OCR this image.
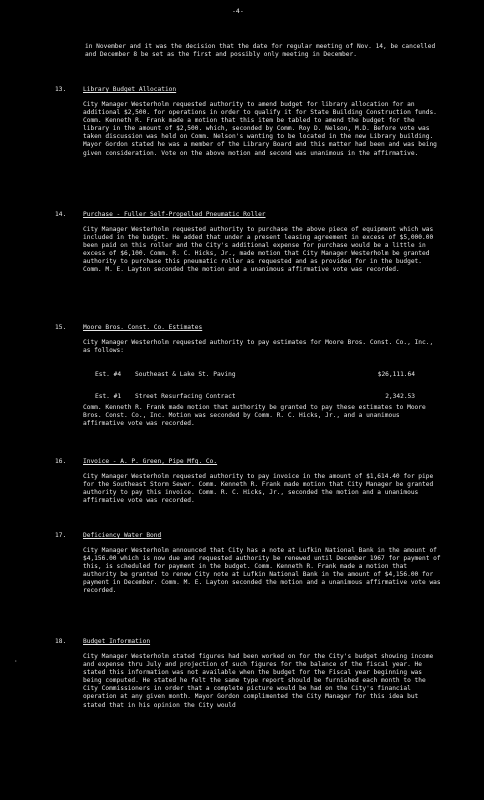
-4-

in November and it was the decision that the date for regular meeting of Nov. 14, be cancelled and December 8 be set as the first and possibly only meeting in December.

13.	Library Budget Allocation

City Manager Westerholm requested authority to amend budget for library allocation for an additional $2,500. for operations in order to qualify it for State Building Construction funds. Comm. Kenneth R. Frank made a motion that this item be tabled to amend the budget for the library in the amount of $2,500. which, seconded by Comm. Roy D. Nelson, M.D. Before vote was taken discussion was held on Comm. Nelson's wanting to be located in the new Library building. Mayor Gordon stated he was a member of the Library Board and this matter had been and was being given consideration. Vote on the above motion and second was unanimous in the affirmative.

14.	Purchase - Fuller Self-Propelled Pneumatic Roller

City Manager Westerholm requested authority to purchase the above piece of equipment which was included in the budget. He added that under a present leasing agreement in excess of $5,000.00 been paid on this roller and the City's additional expense for purchase would be a little in excess of $6,100. Comm. R. C. Hicks, Jr., made motion that City Manager Westerholm be granted authority to purchase this pneumatic roller as requested and as provided for in the budget. Comm. M. E. Layton seconded the motion and a unanimous affirmative vote was recorded.

15.	Moore Bros. Const. Co. Estimates

City Manager Westerholm requested authority to pay estimates for Moore Bros. Const. Co., Inc., as follows:

Est. #4 Southeast & Lake St. Paving	$26,111.64
Est. #1 Street Resurfacing Contract	2,342.53

Comm. Kenneth R. Frank made motion that authority be granted to pay these estimates to Moore Bros. Const. Co., Inc. Motion was seconded by Comm. R. C. Hicks, Jr., and a unanimous affirmative vote was recorded.

16.	Invoice - A. P. Green, Pipe Mfg. Co.

City Manager Westerholm requested authority to pay invoice in the amount of $1,614.40 for pipe for the Southeast Storm Sewer. Comm. Kenneth R. Frank made motion that City Manager be granted authority to pay this invoice. Comm. R. C. Hicks, Jr., seconded the motion and a unanimous affirmative vote was recorded.

17.	Deficiency Water Bond

City Manager Westerholm announced that City has a note at Lufkin National Bank in the amount of $4,156.00 which is now due and requested authority be renewed until December 1967 for payment of this, is scheduled for payment in the budget. Comm. Kenneth R. Frank made a motion that authority be granted to renew City note at Lufkin National Bank in the amount of $4,156.00 for payment in December. Comm. M. E. Layton seconded the motion and a unanimous affirmative vote was recorded.

18.	Budget Information

City Manager Westerholm stated figures had been worked on for the City's budget showing income and expense thru July and projection of such figures for the balance of the fiscal year. He stated this information was not available when the budget for the Fiscal year beginning was being computed. He stated he felt the same type report should be furnished each month to the City Commissioners in order that a complete picture would be had on the City's financial operation at any given month. Mayor Gordon complimented the City Manager for this idea but stated that in his opinion the City would

·
